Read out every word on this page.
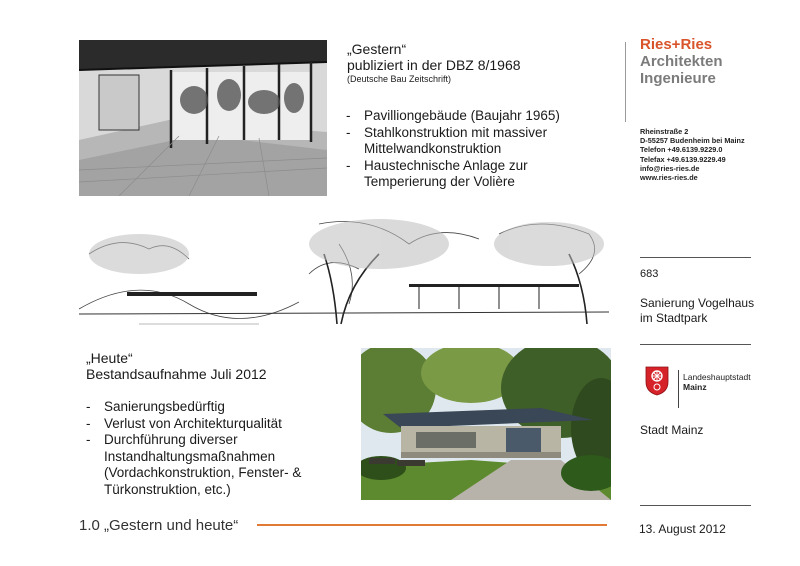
„Gestern“
publiziert in der DBZ 8/1968
(Deutsche Bau Zeitschrift)
- Pavilliongebäude (Baujahr 1965)
- Stahlkonstruktion mit massiver Mittelwandkonstruktion
- Haustechnische Anlage zur Temperierung der Volière
„Heute“
Bestandsaufnahme Juli 2012
- Sanierungsbedürftig
- Verlust von Architekturqualität
- Durchführung diverser Instandhaltungsmaßnahmen (Vordachkonstruktion, Fenster- & Türkonstruktion, etc.)
1.0 „Gestern und heute“	13. August 2012
Ries+Ries
Architekten
Ingenieure
Rheinstraße 2
D-55257 Budenheim bei Mainz
Telefon +49.6139.9229.0
Telefax +49.6139.9229.49
info@ries-ries.de
www.ries-ries.de
683
Sanierung Vogelhaus
im Stadtpark
Landeshauptstadt
Mainz
Stadt Mainz
